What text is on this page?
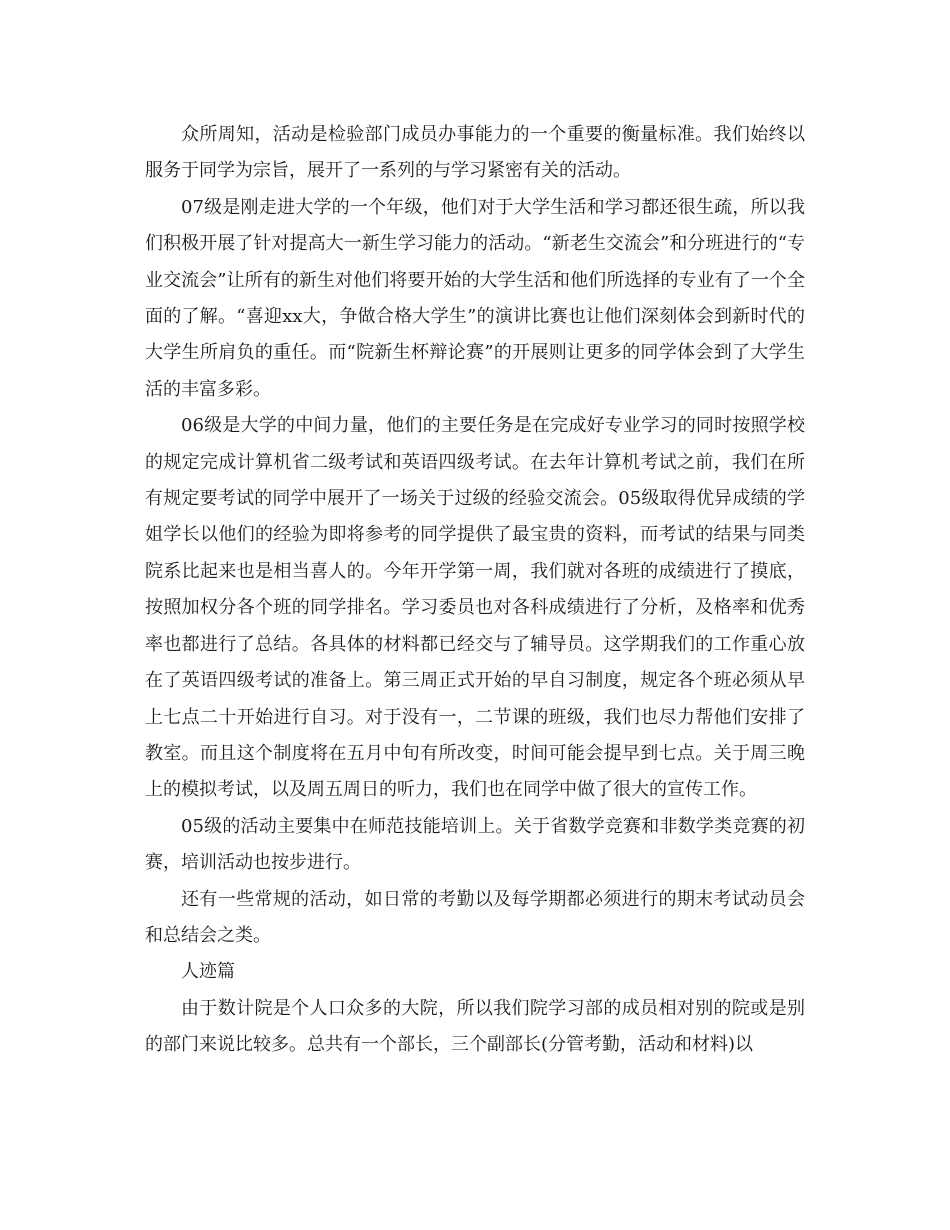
众所周知，活动是检验部门成员办事能力的一个重要的衡量标准。我们始终以服务于同学为宗旨，展开了一系列的与学习紧密有关的活动。

07级是刚走进大学的一个年级，他们对于大学生活和学习都还很生疏，所以我们积极开展了针对提高大一新生学习能力的活动。“新老生交流会”和分班进行的“专业交流会”让所有的新生对他们将要开始的大学生活和他们所选择的专业有了一个全面的了解。“喜迎xx大，争做合格大学生”的演讲比赛也让他们深刻体会到新时代的大学生所肩负的重任。而“院新生杯辩论赛”的开展则让更多的同学体会到了大学生活的丰富多彩。

06级是大学的中间力量，他们的主要任务是在完成好专业学习的同时按照学校的规定完成计算机省二级考试和英语四级考试。在去年计算机考试之前，我们在所有规定要考试的同学中展开了一场关于过级的经验交流会。05级取得优异成绩的学姐学长以他们的经验为即将参考的同学提供了最宝贵的资料，而考试的结果与同类院系比起来也是相当喜人的。今年开学第一周，我们就对各班的成绩进行了摸底，按照加权分各个班的同学排名。学习委员也对各科成绩进行了分析，及格率和优秀率也都进行了总结。各具体的材料都已经交与了辅导员。这学期我们的工作重心放在了英语四级考试的准备上。第三周正式开始的早自习制度，规定各个班必须从早上七点二十开始进行自习。对于没有一，二节课的班级，我们也尽力帮他们安排了教室。而且这个制度将在五月中旬有所改变，时间可能会提早到七点。关于周三晚上的模拟考试，以及周五周日的听力，我们也在同学中做了很大的宣传工作。

05级的活动主要集中在师范技能培训上。关于省数学竞赛和非数学类竞赛的初赛，培训活动也按步进行。

还有一些常规的活动，如日常的考勤以及每学期都必须进行的期末考试动员会和总结会之类。

人迹篇

由于数计院是个人口众多的大院，所以我们院学习部的成员相对别的院或是别的部门来说比较多。总共有一个部长，三个副部长(分管考勤，活动和材料)以
